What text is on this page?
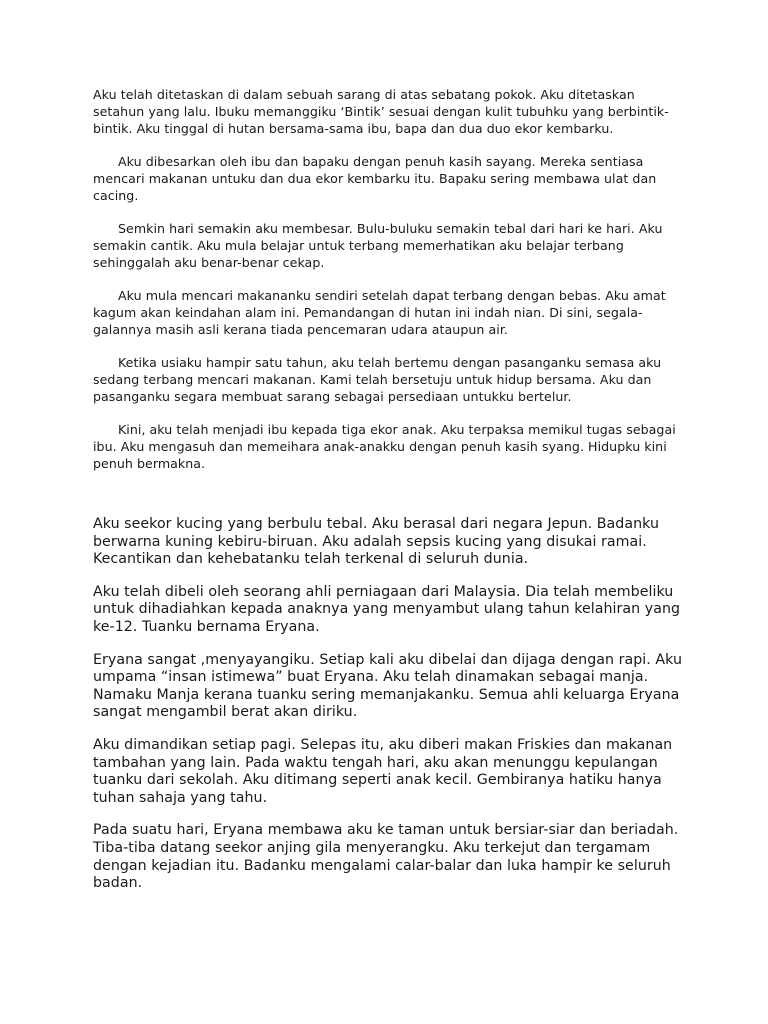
Aku telah ditetaskan di dalam sebuah sarang di atas sebatang pokok. Aku ditetaskan setahun yang lalu. Ibuku memanggiku ‘Bintik’ sesuai dengan kulit tubuhku yang berbintik-bintik. Aku tinggal di hutan bersama-sama ibu, bapa dan dua duo ekor kembarku.

Aku dibesarkan oleh ibu dan bapaku dengan penuh kasih sayang. Mereka sentiasa mencari makanan untuku dan dua ekor kembarku itu. Bapaku sering membawa ulat dan cacing.

Semkin hari semakin aku membesar. Bulu-buluku semakin tebal dari hari ke hari. Aku semakin cantik. Aku mula belajar untuk terbang memerhatikan aku belajar terbang sehinggalah aku benar-benar cekap.

Aku mula mencari makananku sendiri setelah dapat terbang dengan bebas. Aku amat kagum akan keindahan alam ini. Pemandangan di hutan ini indah nian. Di sini, segala-galannya masih asli kerana tiada pencemaran udara ataupun air.

Ketika usiaku hampir satu tahun, aku telah bertemu dengan pasanganku semasa aku sedang terbang mencari makanan. Kami telah bersetuju untuk hidup bersama. Aku dan pasanganku segara membuat sarang sebagai persediaan untukku bertelur.

Kini, aku telah menjadi ibu kepada tiga ekor anak. Aku terpaksa memikul tugas sebagai ibu. Aku mengasuh dan memeihara anak-anakku dengan penuh kasih syang. Hidupku kini penuh bermakna.

Aku seekor kucing yang berbulu tebal. Aku berasal dari negara Jepun. Badanku berwarna kuning kebiru-biruan. Aku adalah sepsis kucing yang disukai ramai. Kecantikan dan kehebatanku telah terkenal di seluruh dunia.

Aku telah dibeli oleh seorang ahli perniagaan dari Malaysia. Dia telah membeliku untuk dihadiahkan kepada anaknya yang menyambut ulang tahun kelahiran yang ke-12. Tuanku bernama Eryana.

Eryana sangat ,menyayangiku. Setiap kali aku dibelai dan dijaga dengan rapi. Aku umpama “insan istimewa” buat Eryana. Aku telah dinamakan sebagai manja. Namaku Manja kerana tuanku sering memanjakanku. Semua ahli keluarga Eryana sangat mengambil berat akan diriku.

Aku dimandikan setiap pagi. Selepas itu, aku diberi makan Friskies dan makanan tambahan yang lain. Pada waktu tengah hari, aku akan menunggu kepulangan tuanku dari sekolah. Aku ditimang seperti anak kecil. Gembiranya hatiku hanya tuhan sahaja yang tahu.

Pada suatu hari, Eryana membawa aku ke taman untuk bersiar-siar dan beriadah. Tiba-tiba datang seekor anjing gila menyerangku. Aku terkejut dan tergamam dengan kejadian itu. Badanku mengalami calar-balar dan luka hampir ke seluruh badan.
